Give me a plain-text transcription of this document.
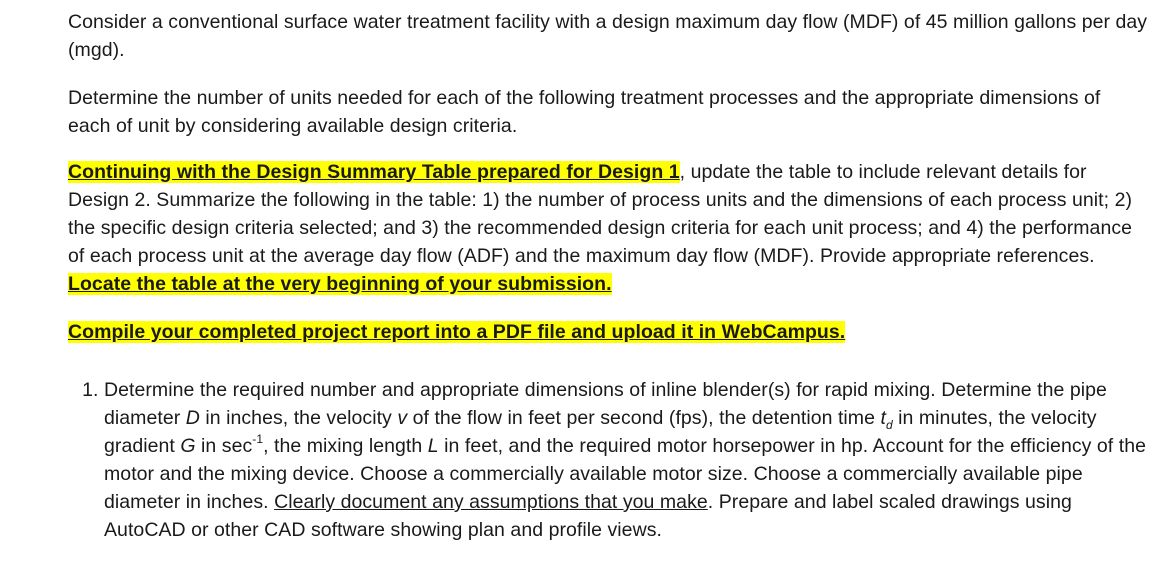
Consider a conventional surface water treatment facility with a design maximum day flow (MDF) of 45 million gallons per day (mgd).

Determine the number of units needed for each of the following treatment processes and the appropriate dimensions of each of unit by considering available design criteria.

Continuing with the Design Summary Table prepared for Design 1, update the table to include relevant details for Design 2. Summarize the following in the table: 1) the number of process units and the dimensions of each process unit; 2) the specific design criteria selected; and 3) the recommended design criteria for each unit process; and 4) the performance of each process unit at the average day flow (ADF) and the maximum day flow (MDF). Provide appropriate references. Locate the table at the very beginning of your submission.

Compile your completed project report into a PDF file and upload it in WebCampus.

1. Determine the required number and appropriate dimensions of inline blender(s) for rapid mixing. Determine the pipe diameter D in inches, the velocity v of the flow in feet per second (fps), the detention time $t_d$ in minutes, the velocity gradient G in $\sec^{-1}$, the mixing length L in feet, and the required motor horsepower in hp. Account for the efficiency of the motor and the mixing device. Choose a commercially available motor size. Choose a commercially available pipe diameter in inches. Clearly document any assumptions that you make. Prepare and label scaled drawings using AutoCAD or other CAD software showing plan and profile views.
